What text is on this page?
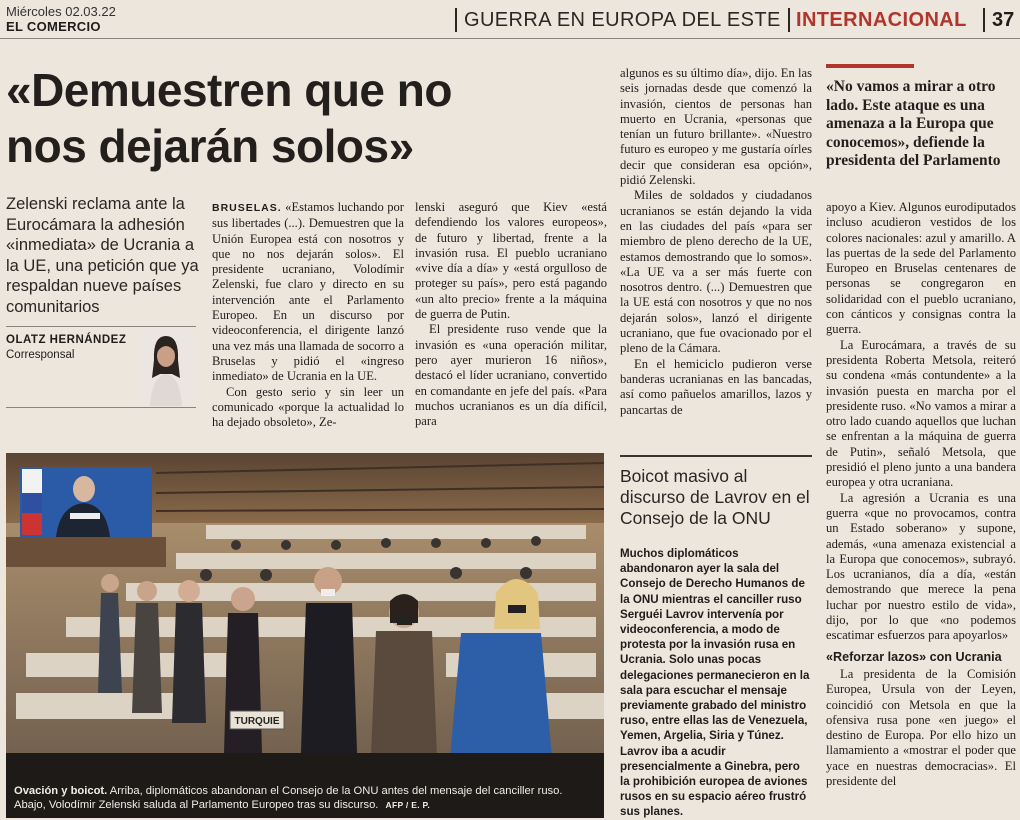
Miércoles 02.03.22
EL COMERCIO	GUERRA EN EUROPA DEL ESTE INTERNACIONAL 37
«Demuestren que no
nos dejarán solos»
Zelenski reclama ante la Eurocámara la adhesión «inmediata» de Ucrania a la UE, una petición que ya respaldan nueve países comunitarios
OLATZ HERNÁNDEZ
Corresponsal

BRUSELAS. «Estamos luchando por sus libertades (...). Demuestren que la Unión Europea está con nosotros y que no nos dejarán solos». El presidente ucraniano, Volodímir Zelenski, fue claro y directo en su intervención ante el Parlamento Europeo. En un discurso por videoconferencia, el dirigente lanzó una vez más una llamada de socorro a Bruselas y pidió el «ingreso inmediato» de Ucrania en la UE.

Con gesto serio y sin leer un comunicado «porque la actualidad lo ha dejado obsoleto», Ze-

lenski aseguró que Kiev «está defendiendo los valores europeos», de futuro y libertad, frente a la invasión rusa. El pueblo ucraniano «vive día a día» y «está orgulloso de proteger su país», pero está pagando «un alto precio» frente a la máquina de guerra de Putin.

El presidente ruso vende que la invasión es «una operación militar, pero ayer murieron 16 niños», destacó el líder ucraniano, convertido en comandante en jefe del país. «Para muchos ucranianos es un día difícil, para

algunos es su último día», dijo. En las seis jornadas desde que comenzó la invasión, cientos de personas han muerto en Ucrania, «personas que tenían un futuro brillante». «Nuestro futuro es europeo y me gustaría oírles decir que consideran esa opción», pidió Zelenski.

Miles de soldados y ciudadanos ucranianos se están dejando la vida en las ciudades del país «para ser miembro de pleno derecho de la UE, estamos demostrando que lo somos». «La UE va a ser más fuerte con nosotros dentro. (...) Demuestren que la UE está con nosotros y que no nos dejarán solos», lanzó el dirigente ucraniano, que fue ovacionado por el pleno de la Cámara.

En el hemiciclo pudieron verse banderas ucranianas en las bancadas, así como pañuelos amarillos, lazos y pancartas de

«No vamos a mirar a otro lado. Este ataque es una amenaza a la Europa que conocemos», defiende la presidenta del Parlamento

apoyo a Kiev. Algunos eurodiputados incluso acudieron vestidos de los colores nacionales: azul y amarillo. A las puertas de la sede del Parlamento Europeo en Bruselas centenares de personas se congregaron en solidaridad con el pueblo ucraniano, con cánticos y consignas contra la guerra.

La Eurocámara, a través de su presidenta Roberta Metsola, reiteró su condena «más contundente» a la invasión puesta en marcha por el presidente ruso. «No vamos a mirar a otro lado cuando aquellos que luchan se enfrentan a la máquina de guerra de Putin», señaló Metsola, que presidió el pleno junto a una bandera europea y otra ucraniana.

La agresión a Ucrania es una guerra «que no provocamos, contra un Estado soberano» y supone, además, «una amenaza existencial a la Europa que conocemos», subrayó. Los ucranianos, día a día, «están demostrando que merece la pena luchar por nuestro estilo de vida», dijo, por lo que «no podemos escatimar esfuerzos para apoyarlos»

«Reforzar lazos» con Ucrania

La presidenta de la Comisión Europea, Ursula von der Leyen, coincidió con Metsola en que la ofensiva rusa pone «en juego» el destino de Europa. Por ello hizo un llamamiento a «mostrar el poder que yace en nuestras democracias». El presidente del

Boicot masivo al discurso de Lavrov en el Consejo de la ONU

Muchos diplomáticos abandonaron ayer la sala del Consejo de Derecho Humanos de la ONU mientras el canciller ruso Serguéi Lavrov intervenía por videoconferencia, a modo de protesta por la invasión rusa en Ucrania. Solo unas pocas delegaciones permanecieron en la sala para escuchar el mensaje previamente grabado del ministro ruso, entre ellas las de Venezuela, Yemen, Argelia, Siria y Túnez. Lavrov iba a acudir presencialmente a Ginebra, pero la prohibición europea de aviones rusos en su espacio aéreo frustró sus planes.

TURQUIE
Ovación y boicot. Arriba, diplomáticos abandonan el Consejo de la ONU antes del mensaje del canciller ruso. Abajo, Volodímir Zelenski saluda al Parlamento Europeo tras su discurso. AFP / E. P.
